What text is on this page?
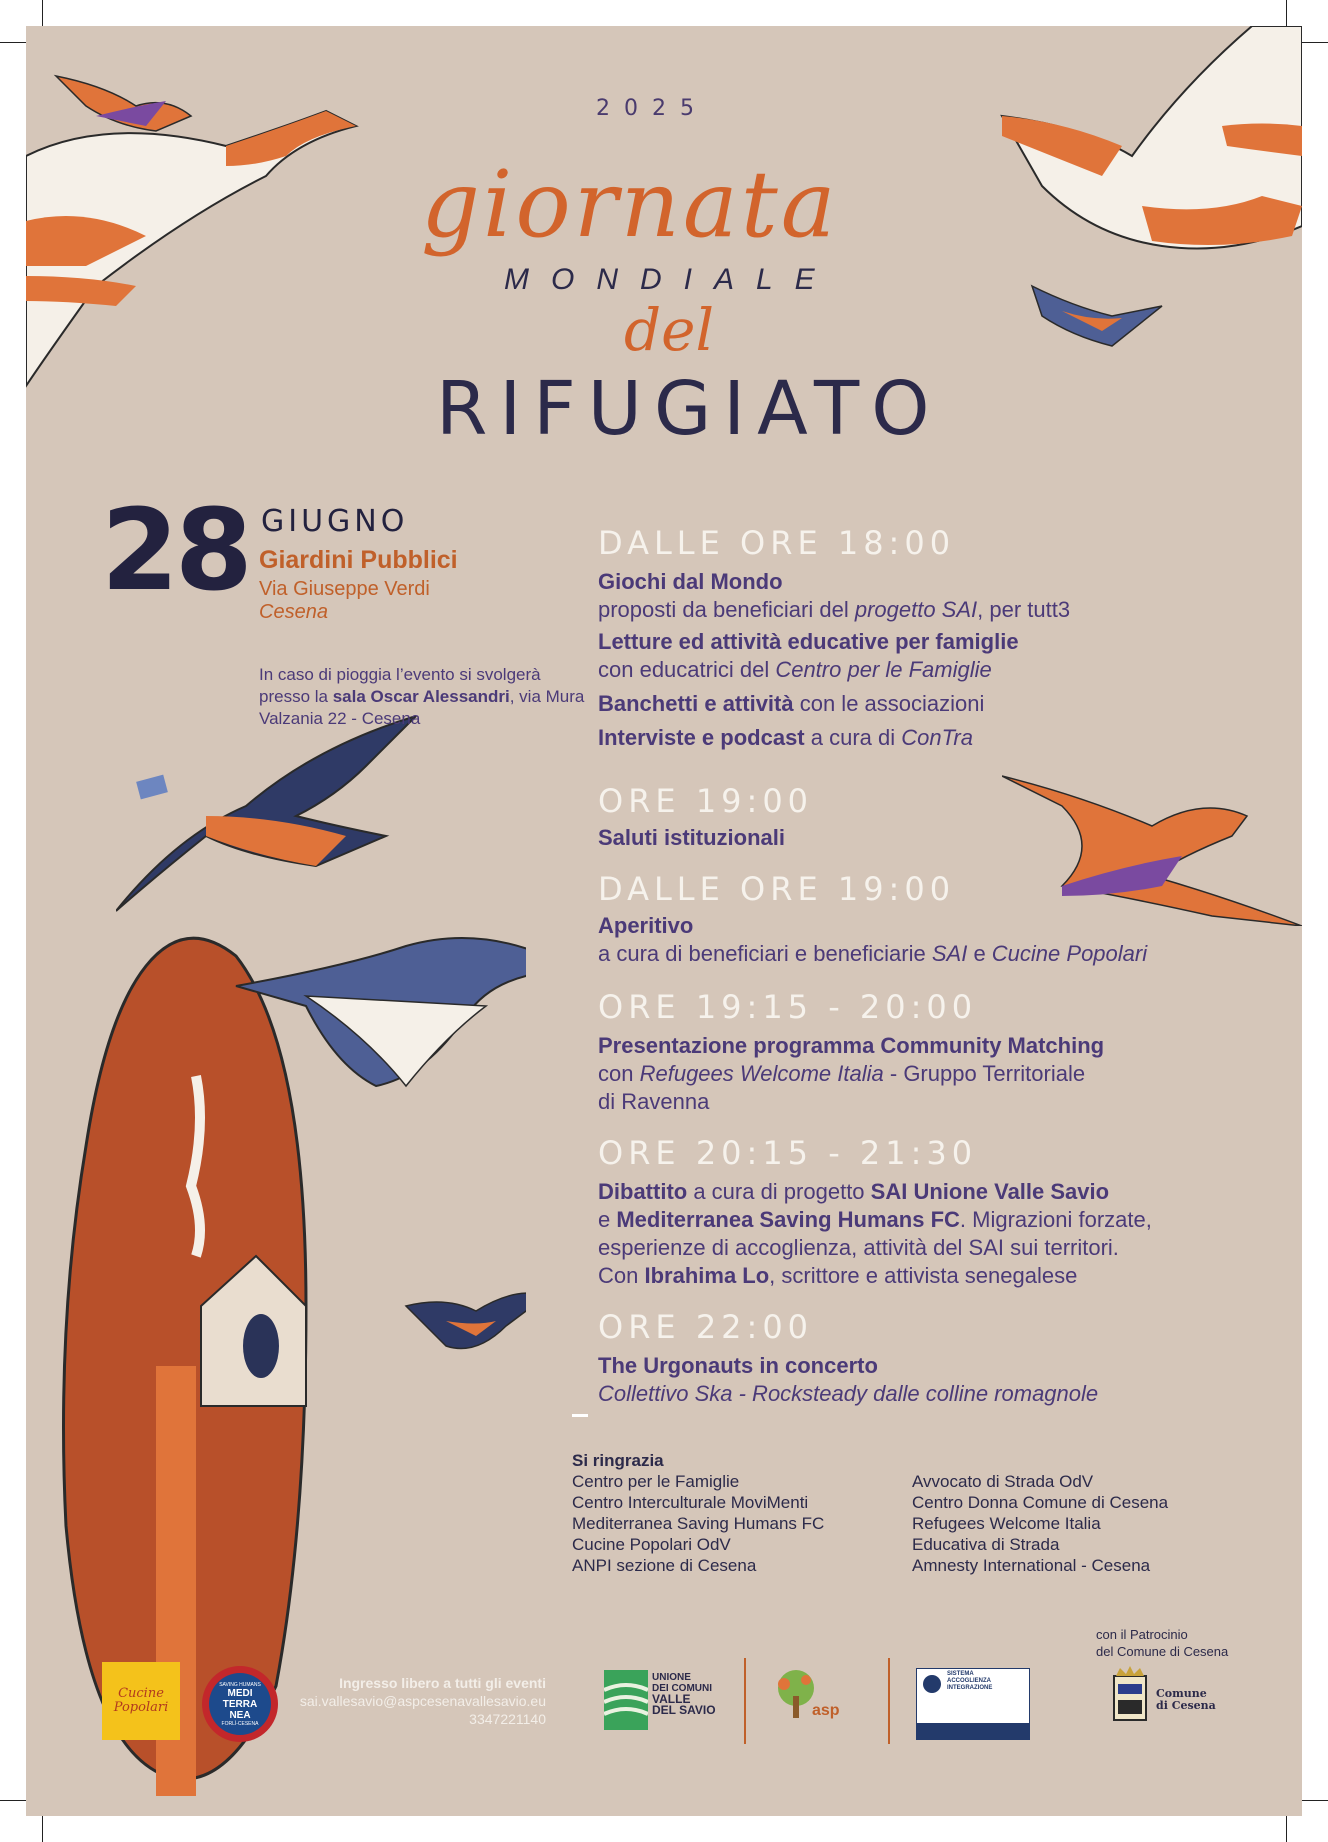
2025
giornata
MONDIALE
del
RIFUGIATO
28 GIUGNO
Giardini Pubblici
Via Giuseppe Verdi
Cesena
In caso di pioggia l’evento si svolgerà presso la sala Oscar Alessandri, via Mura Valzania 22 - Cesena
DALLE ORE 18:00
Giochi dal Mondo
proposti da beneficiari del progetto SAI, per tutt3
Letture ed attività educative per famiglie
con educatrici del Centro per le Famiglie
Banchetti e attività con le associazioni
Interviste e podcast a cura di ConTra
ORE 19:00
Saluti istituzionali
DALLE ORE 19:00
Aperitivo
a cura di beneficiari e beneficiarie SAI e Cucine Popolari
ORE 19:15 - 20:00
Presentazione programma Community Matching
con Refugees Welcome Italia - Gruppo Territoriale
di Ravenna
ORE 20:15 - 21:30
Dibattito a cura di progetto SAI Unione Valle Savio
e Mediterranea Saving Humans FC. Migrazioni forzate,
esperienze di accoglienza, attività del SAI sui territori.
Con Ibrahima Lo, scrittore e attivista senegalese
ORE 22:00
The Urgonauts in concerto
Collettivo Ska - Rocksteady dalle colline romagnole
Si ringrazia
Centro per le Famiglie
Centro Interculturale MoviMenti
Mediterranea Saving Humans FC
Cucine Popolari OdV
ANPI sezione di Cesena
Avvocato di Strada OdV
Centro Donna Comune di Cesena
Refugees Welcome Italia
Educativa di Strada
Amnesty International - Cesena
con il Patrocinio
del Comune di Cesena
Cucine Popolari
SAVING HUMANS
MEDI
TERRA
NEA
FORLÌ-CESENA
Ingresso libero a tutti gli eventi
sai.vallesavio@aspcesenavallesavio.eu
3347221140
UNIONE
DEI COMUNI
VALLE
DEL SAVIO	asp
SISTEMA
ACCOGLIENZA
INTEGRAZIONE	Comune
di Cesena
